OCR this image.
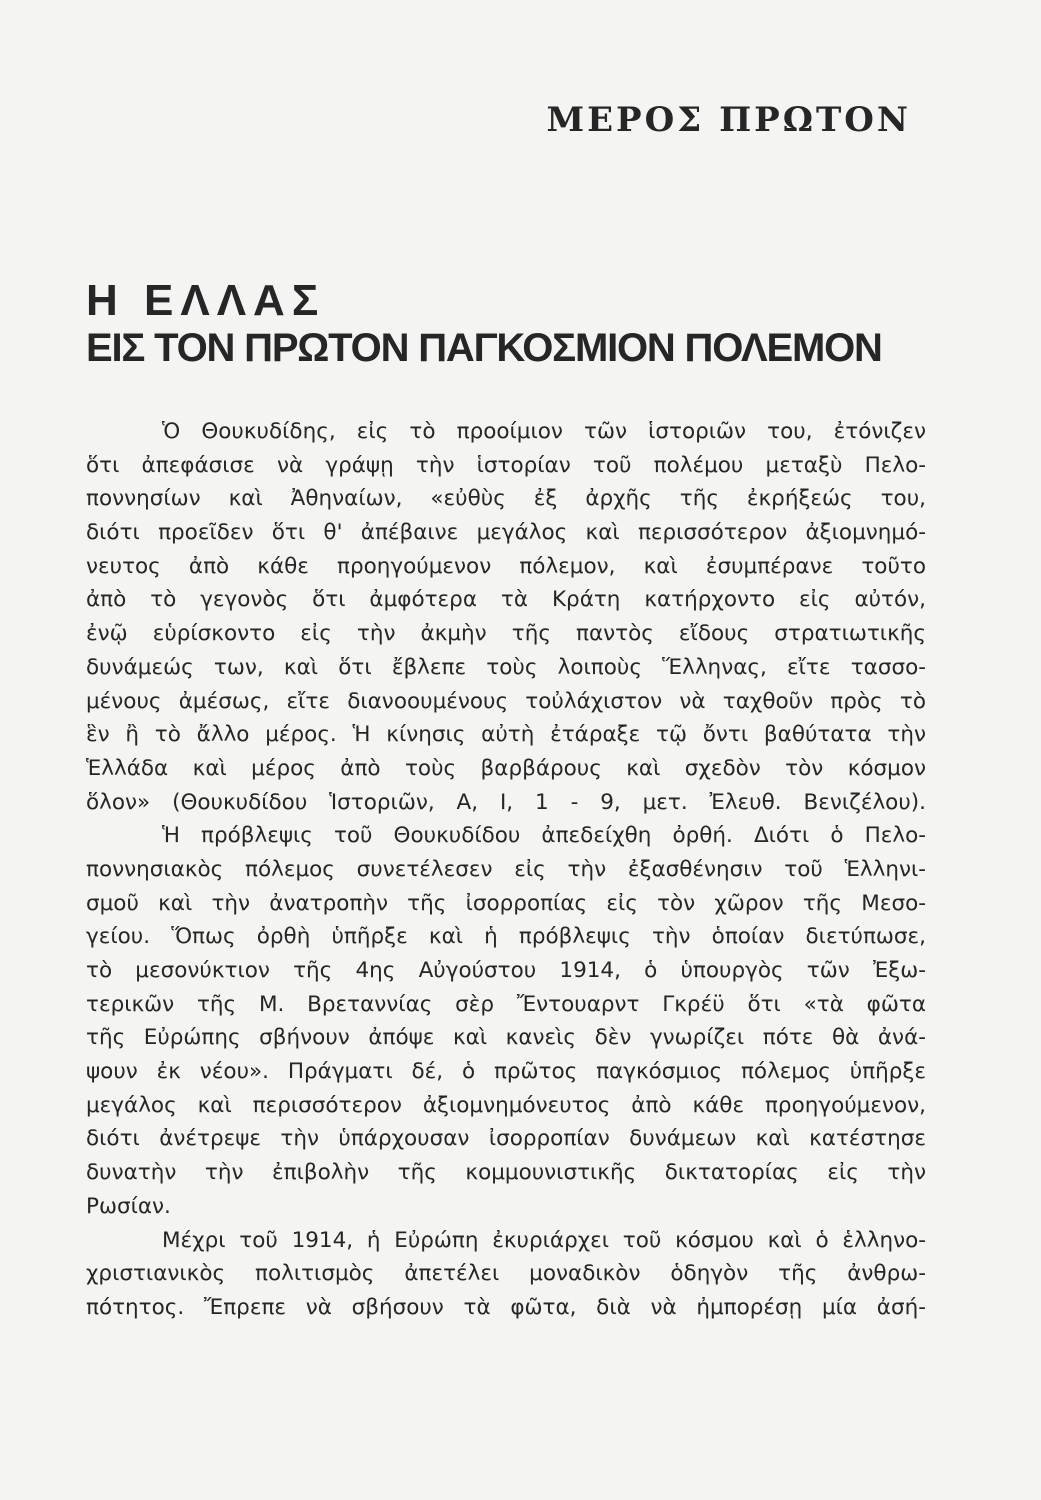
ΜΕΡΟΣ ΠΡΩΤΟΝ
Η ΕΛΛΑΣ
ΕΙΣ ΤΟΝ ΠΡΩΤΟΝ ΠΑΓΚΟΣΜΙΟΝ ΠΟΛΕΜΟΝ

Ὁ Θουκυδίδης, εἰς τὸ προοίμιον τῶν ἱστοριῶν του, ἐτόνιζεν
ὅτι ἀπεφάσισε νὰ γράψῃ τὴν ἱστορίαν τοῦ πολέμου μεταξὺ Πελο-
ποννησίων καὶ Ἀθηναίων, «εὐθὺς ἐξ ἀρχῆς τῆς ἐκρήξεώς του,
διότι προεῖδεν ὅτι θ' ἀπέβαινε μεγάλος καὶ περισσότερον ἀξιομνημό-
νευτος ἀπὸ κάθε προηγούμενον πόλεμον, καὶ ἐσυμπέρανε τοῦτο
ἀπὸ τὸ γεγονὸς ὅτι ἀμφότερα τὰ Κράτη κατήρχοντο εἰς αὐτόν,
ἐνῷ εὑρίσκοντο εἰς τὴν ἀκμὴν τῆς παντὸς εἴδους στρατιωτικῆς
δυνάμεώς των, καὶ ὅτι ἔβλεπε τοὺς λοιποὺς Ἕλληνας, εἴτε τασσο-
μένους ἀμέσως, εἴτε διανοουμένους τοὐλάχιστον νὰ ταχθοῦν πρὸς τὸ
ἓν ἢ τὸ ἄλλο μέρος. Ἡ κίνησις αὐτὴ ἐτάραξε τῷ ὄντι βαθύτατα τὴν
Ἑλλάδα καὶ μέρος ἀπὸ τοὺς βαρβάρους καὶ σχεδὸν τὸν κόσμον
ὅλον» (Θουκυδίδου Ἱστοριῶν, Α, Ι, 1 - 9, μετ. Ἐλευθ. Βενιζέλου).

Ἡ πρόβλεψις τοῦ Θουκυδίδου ἀπεδείχθη ὀρθή. Διότι ὁ Πελο-
ποννησιακὸς πόλεμος συνετέλεσεν εἰς τὴν ἐξασθένησιν τοῦ Ἑλληνι-
σμοῦ καὶ τὴν ἀνατροπὴν τῆς ἰσορροπίας εἰς τὸν χῶρον τῆς Μεσο-
γείου. Ὅπως ὀρθὴ ὑπῆρξε καὶ ἡ πρόβλεψις τὴν ὁποίαν διετύπωσε,
τὸ μεσονύκτιον τῆς 4ης Αὐγούστου 1914, ὁ ὑπουργὸς τῶν Ἐξω-
τερικῶν τῆς Μ. Βρεταννίας σὲρ Ἔντουαρντ Γκρέϋ ὅτι «τὰ φῶτα
τῆς Εὐρώπης σβήνουν ἀπόψε καὶ κανεὶς δὲν γνωρίζει πότε θὰ ἀνά-
ψουν ἐκ νέου». Πράγματι δέ, ὁ πρῶτος παγκόσμιος πόλεμος ὑπῆρξε
μεγάλος καὶ περισσότερον ἀξιομνημόνευτος ἀπὸ κάθε προηγούμενον,
διότι ἀνέτρεψε τὴν ὑπάρχουσαν ἰσορροπίαν δυνάμεων καὶ κατέστησε
δυνατὴν τὴν ἐπιβολὴν τῆς κομμουνιστικῆς δικτατορίας εἰς τὴν
Ρωσίαν.

Μέχρι τοῦ 1914, ἡ Εὐρώπη ἐκυριάρχει τοῦ κόσμου καὶ ὁ ἑλληνο-
χριστιανικὸς πολιτισμὸς ἀπετέλει μοναδικὸν ὁδηγὸν τῆς ἀνθρω-
πότητος. Ἔπρεπε νὰ σβήσουν τὰ φῶτα, διὰ νὰ ἠμπορέσῃ μία ἀσή-
